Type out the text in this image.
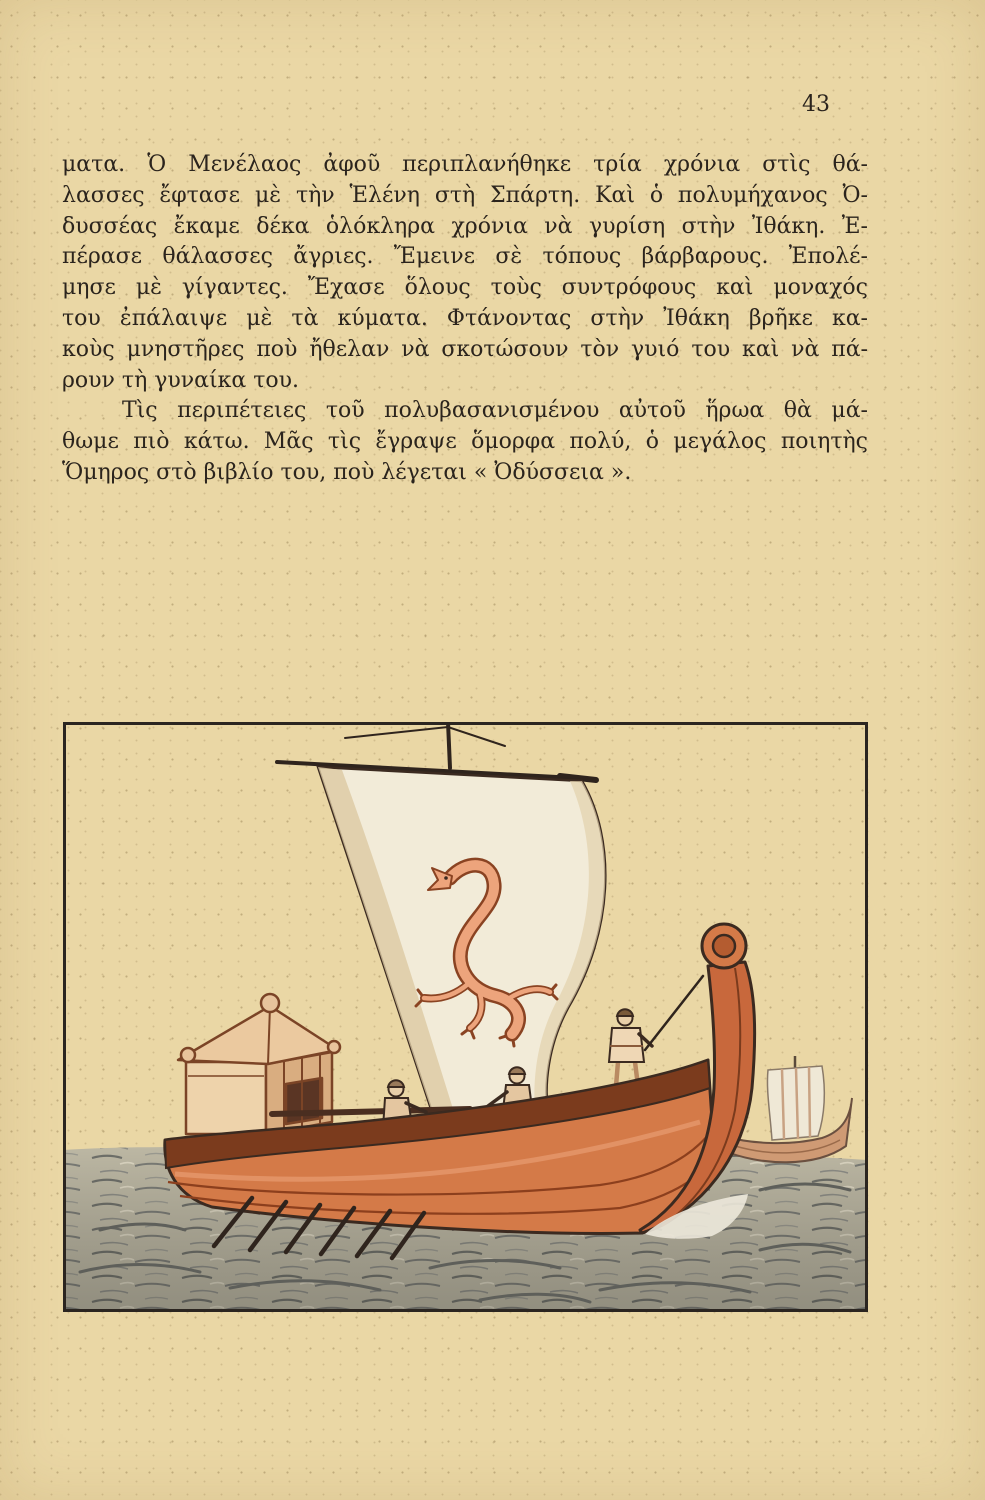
43
ματα. Ὁ Μενέλαος ἀφοῦ περιπλανήθηκε τρία χρόνια στὶς θά-
λασσες ἔφτασε μὲ τὴν Ἑλένη στὴ Σπάρτη. Καὶ ὁ πολυμήχανος Ὀ-
δυσσέας ἔκαμε δέκα ὁλόκληρα χρόνια νὰ γυρίση στὴν Ἰθάκη. Ἐ-
πέρασε θάλασσες ἄγριες. Ἔμεινε σὲ τόπους βάρβαρους. Ἐπολέ-
μησε μὲ γίγαντες. Ἔχασε ὅλους τοὺς συντρόφους καὶ μοναχός
του ἐπάλαιψε μὲ τὰ κύματα. Φτάνοντας στὴν Ἰθάκη βρῆκε κα-
κοὺς μνηστῆρες ποὺ ἤθελαν νὰ σκοτώσουν τὸν γυιό του καὶ νὰ πά-
ρουν τὴ γυναίκα του.
Τὶς περιπέτειες τοῦ πολυβασανισμένου αὐτοῦ ἥρωα θὰ μά-
θωμε πιὸ κάτω. Μᾶς τὶς ἔγραψε ὅμορφα πολύ, ὁ μεγάλος ποιητὴς
Ὅμηρος στὸ βιβλίο του, ποὺ λέγεται « Ὀδύσσεια ».
